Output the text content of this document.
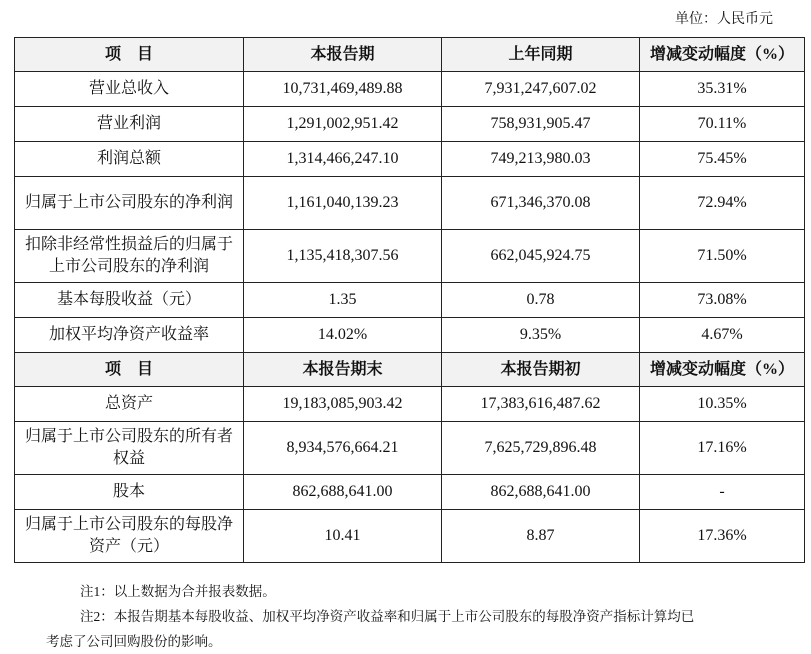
单位：人民币元
项　目	本报告期	上年同期	增减变动幅度（%）
营业总收入	10,731,469,489.88	7,931,247,607.02	35.31%
营业利润	1,291,002,951.42	758,931,905.47	70.11%
利润总额	1,314,466,247.10	749,213,980.03	75.45%
归属于上市公司股东的净利润	1,161,040,139.23	671,346,370.08	72.94%
扣除非经常性损益后的归属于上市公司股东的净利润	1,135,418,307.56	662,045,924.75	71.50%
基本每股收益（元）	1.35	0.78	73.08%
加权平均净资产收益率	14.02%	9.35%	4.67%
项　目	本报告期末	本报告期初	增减变动幅度（%）
总资产	19,183,085,903.42	17,383,616,487.62	10.35%
归属于上市公司股东的所有者权益	8,934,576,664.21	7,625,729,896.48	17.16%
股本	862,688,641.00	862,688,641.00	-
归属于上市公司股东的每股净资产（元）	10.41	8.87	17.36%
注1：以上数据为合并报表数据。
注2：本报告期基本每股收益、加权平均净资产收益率和归属于上市公司股东的每股净资产指标计算均已
考虑了公司回购股份的影响。
